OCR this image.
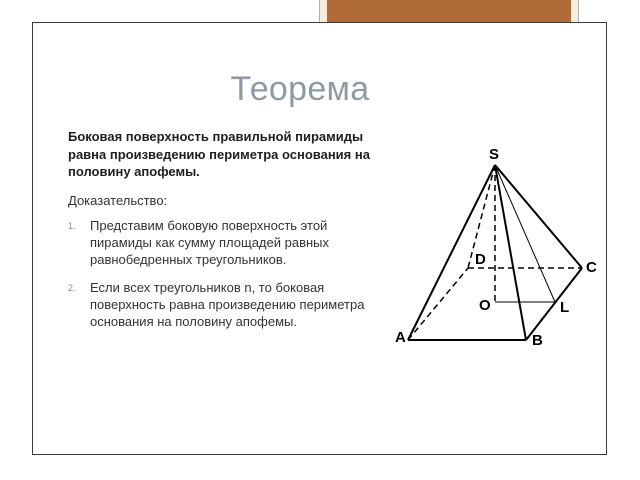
Теорема
Боковая поверхность правильной пирамиды
равна произведению периметра основания на
половину апофемы.
Доказательство:
1. Представим боковую поверхность этой
пирамиды как сумму площадей равных
равнобедренных треугольников.
2. Если всех треугольников n, то боковая
поверхность равна произведению периметра
основания на половину апофемы.
S
A	B
C
D
O	L
